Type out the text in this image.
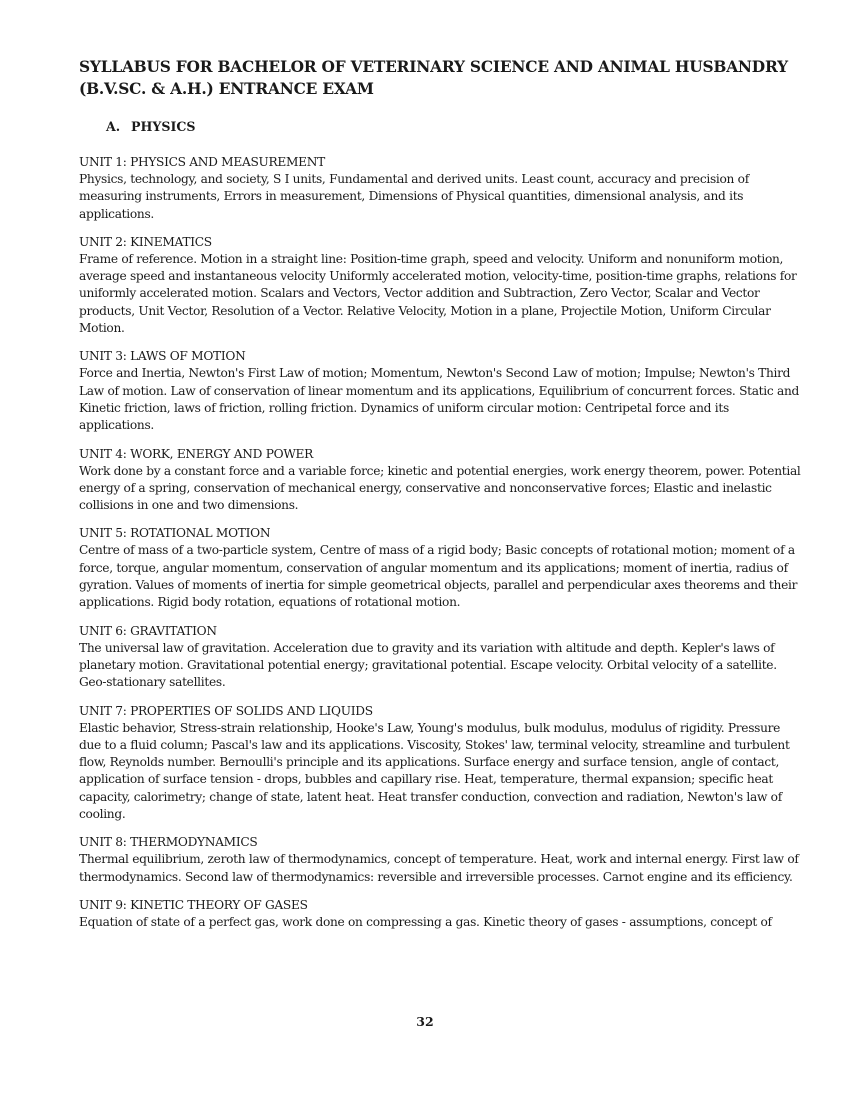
SYLLABUS FOR BACHELOR OF VETERINARY SCIENCE AND ANIMAL HUSBANDRY (B.V.SC. & A.H.) ENTRANCE EXAM
A. PHYSICS

UNIT 1: PHYSICS AND MEASUREMENT

Physics, technology, and society, S I units, Fundamental and derived units. Least count, accuracy and precision of measuring instruments, Errors in measurement, Dimensions of Physical quantities, dimensional analysis, and its applications.

UNIT 2: KINEMATICS

Frame of reference. Motion in a straight line: Position-time graph, speed and velocity. Uniform and nonuniform motion, average speed and instantaneous velocity Uniformly accelerated motion, velocity-time, position-time graphs, relations for uniformly accelerated motion. Scalars and Vectors, Vector addition and Subtraction, Zero Vector, Scalar and Vector products, Unit Vector, Resolution of a Vector. Relative Velocity, Motion in a plane, Projectile Motion, Uniform Circular Motion.

UNIT 3: LAWS OF MOTION

Force and Inertia, Newton's First Law of motion; Momentum, Newton's Second Law of motion; Impulse; Newton's Third Law of motion. Law of conservation of linear momentum and its applications, Equilibrium of concurrent forces. Static and Kinetic friction, laws of friction, rolling friction. Dynamics of uniform circular motion: Centripetal force and its applications.

UNIT 4: WORK, ENERGY AND POWER

Work done by a constant force and a variable force; kinetic and potential energies, work energy theorem, power. Potential energy of a spring, conservation of mechanical energy, conservative and nonconservative forces; Elastic and inelastic collisions in one and two dimensions.

UNIT 5: ROTATIONAL MOTION

Centre of mass of a two-particle system, Centre of mass of a rigid body; Basic concepts of rotational motion; moment of a force, torque, angular momentum, conservation of angular momentum and its applications; moment of inertia, radius of gyration. Values of moments of inertia for simple geometrical objects, parallel and perpendicular axes theorems and their applications. Rigid body rotation, equations of rotational motion.

UNIT 6: GRAVITATION

The universal law of gravitation. Acceleration due to gravity and its variation with altitude and depth. Kepler's laws of planetary motion. Gravitational potential energy; gravitational potential. Escape velocity. Orbital velocity of a satellite. Geo-stationary satellites.

UNIT 7: PROPERTIES OF SOLIDS AND LIQUIDS

Elastic behavior, Stress-strain relationship, Hooke's Law, Young's modulus, bulk modulus, modulus of rigidity. Pressure due to a fluid column; Pascal's law and its applications. Viscosity, Stokes' law, terminal velocity, streamline and turbulent flow, Reynolds number. Bernoulli's principle and its applications. Surface energy and surface tension, angle of contact, application of surface tension - drops, bubbles and capillary rise. Heat, temperature, thermal expansion; specific heat capacity, calorimetry; change of state, latent heat. Heat transfer conduction, convection and radiation, Newton's law of cooling.

UNIT 8: THERMODYNAMICS

Thermal equilibrium, zeroth law of thermodynamics, concept of temperature. Heat, work and internal energy. First law of thermodynamics. Second law of thermodynamics: reversible and irreversible processes. Carnot engine and its efficiency.

UNIT 9: KINETIC THEORY OF GASES

Equation of state of a perfect gas, work done on compressing a gas. Kinetic theory of gases - assumptions, concept of

32
